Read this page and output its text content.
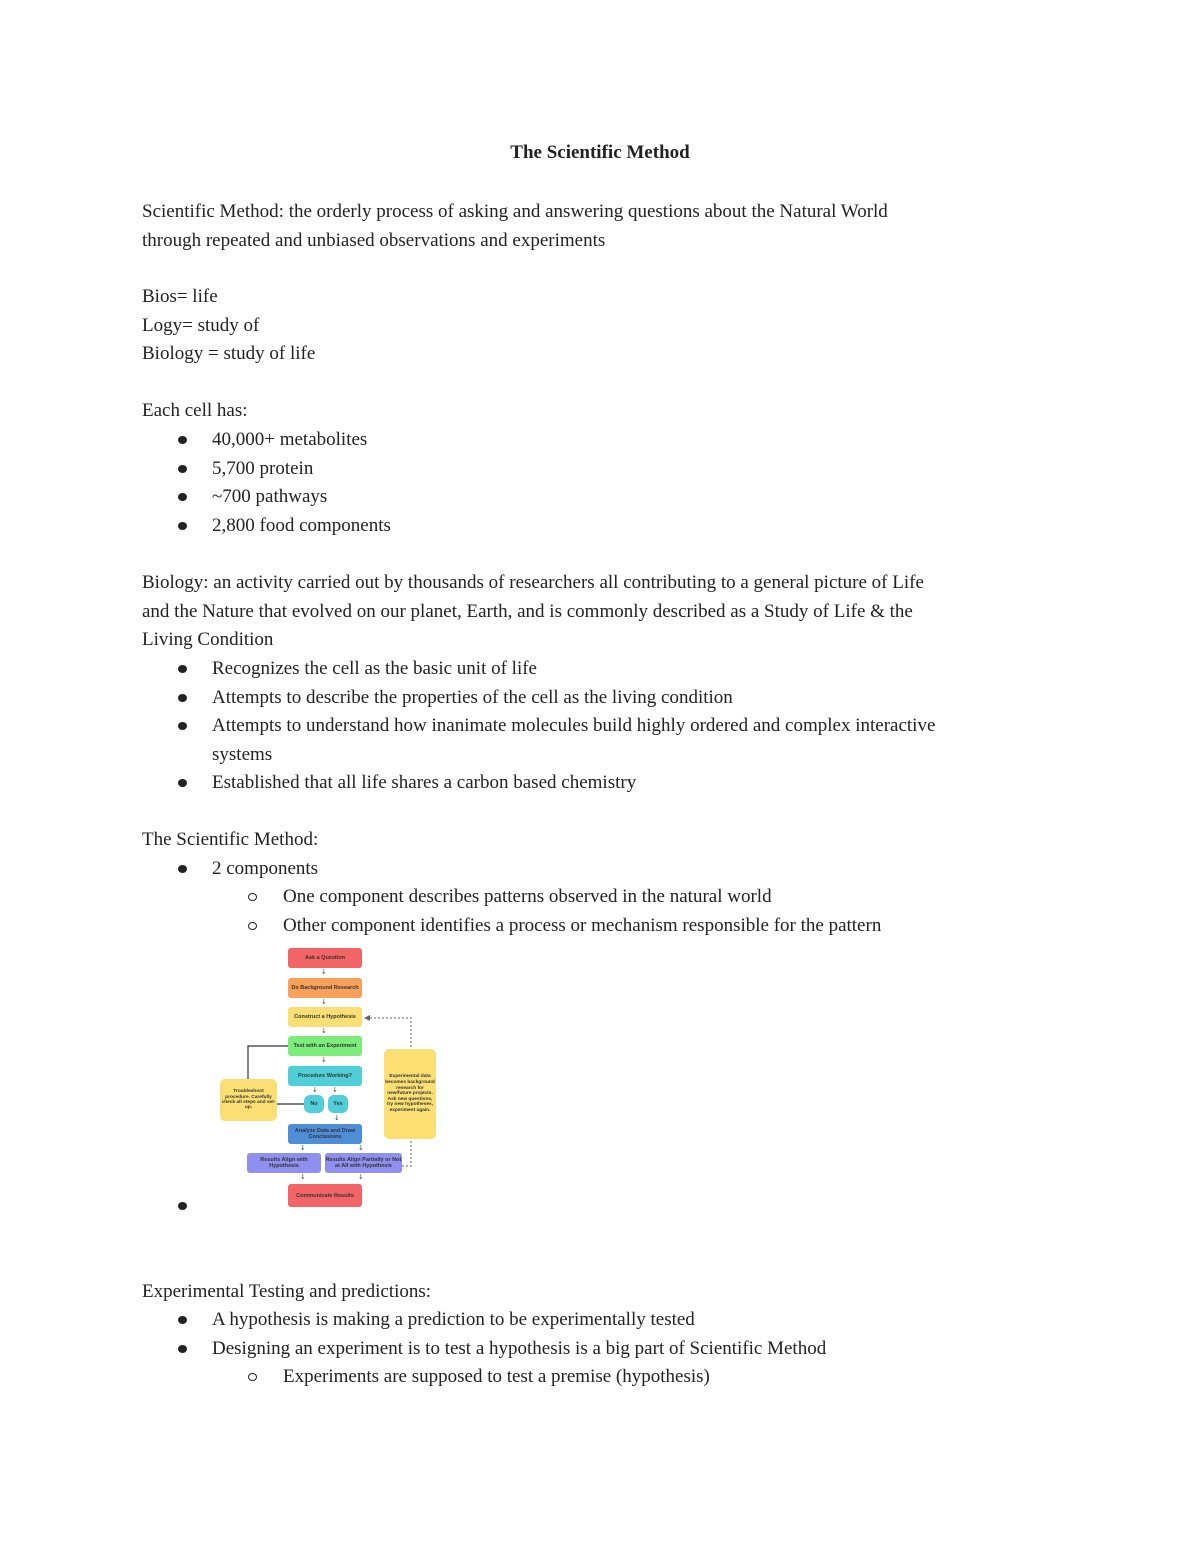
The Scientific Method
Scientific Method: the orderly process of asking and answering questions about the Natural World
through repeated and unbiased observations and experiments
Bios= life
Logy= study of
Biology = study of life
Each cell has:
40,000+ metabolites
5,700 protein
~700 pathways
2,800 food components
Biology: an activity carried out by thousands of researchers all contributing to a general picture of Life
and the Nature that evolved on our planet, Earth, and is commonly described as a Study of Life & the
Living Condition
Recognizes the cell as the basic unit of life
Attempts to describe the properties of the cell as the living condition
Attempts to understand how inanimate molecules build highly ordered and complex interactive
systems
Established that all life shares a carbon based chemistry
The Scientific Method:
2 components
One component describes patterns observed in the natural world
Other component identifies a process or mechanism responsible for the pattern
Ask a Question
↓
Do Background Research
↓
Construct a Hypothesis
↓
Test with an Experiment
↓
Procedure Working?
↓ ↓
No	Yes
↓
Analyze Data and Draw Conclusions
↓	↓
Results Align with Hypothesis
Results Align Partially or Not at All with Hypothesis
↓	↓
Communicate Results
Troubleshoot procedure. Carefully check all steps and set-up.
Experimental data becomes background research for new/future projects. Ask new questions, try new hypotheses, experiment again.
Experimental Testing and predictions:
A hypothesis is making a prediction to be experimentally tested
Designing an experiment is to test a hypothesis is a big part of Scientific Method
Experiments are supposed to test a premise (hypothesis)
